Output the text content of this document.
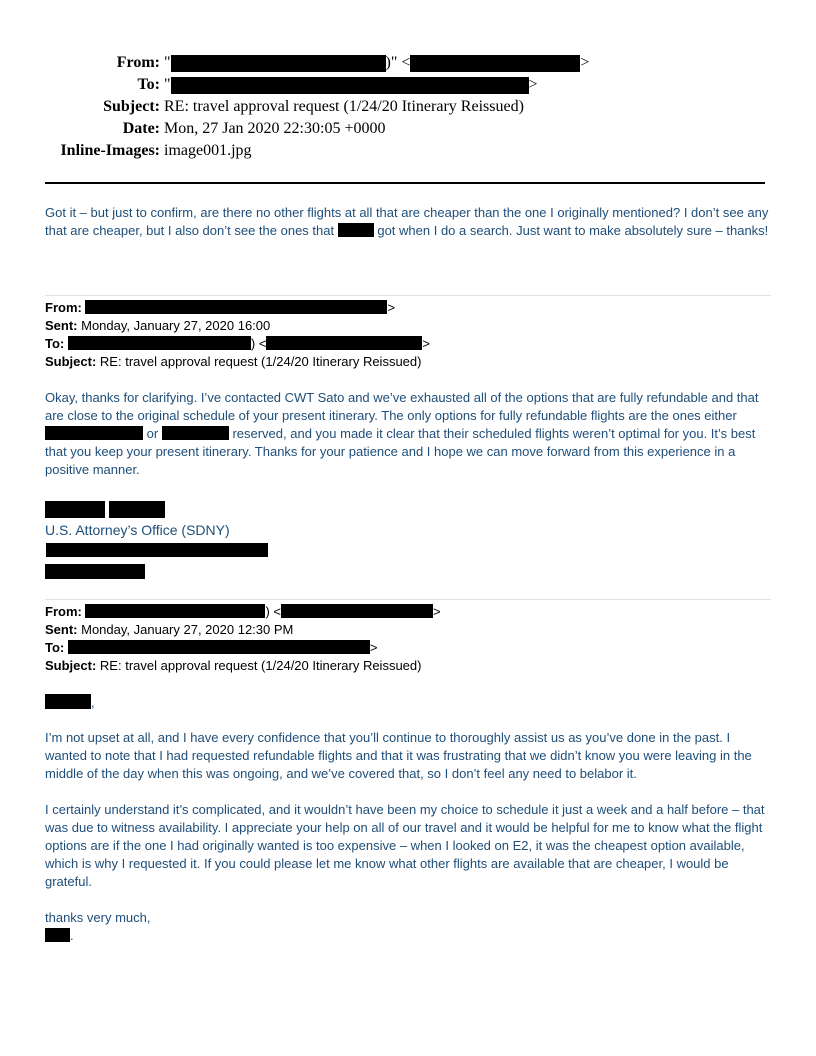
From: "	)" <	>
To: "	>
Subject: RE: travel approval request (1/24/20 Itinerary Reissued)
Date: Mon, 27 Jan 2020 22:30:05 +0000
Inline-Images: image001.jpg

Got it – but just to confirm, are there no other flights at all that are cheaper than the one I originally mentioned? I don’t see any that are cheaper, but I also don’t see the ones that	got when I do a search. Just want to make absolutely sure – thanks!

From:	>
Sent: Monday, January 27, 2020 16:00
To:	) <	>
Subject: RE: travel approval request (1/24/20 Itinerary Reissued)

Okay, thanks for clarifying. I’ve contacted CWT Sato and we’ve exhausted all of the options that are fully refundable and that are close to the original schedule of your present itinerary. The only options for fully refundable flights are the ones either  or	reserved, and you made it clear that their scheduled flights weren’t optimal for you. It’s best that you keep your present itinerary. Thanks for your patience and I hope we can move forward from this experience in a positive manner.

U.S. Attorney’s Office (SDNY)
From:	) <	>
Sent: Monday, January 27, 2020 12:30 PM
To:	>
Subject: RE: travel approval request (1/24/20 Itinerary Reissued)
,

I’m not upset at all, and I have every confidence that you’ll continue to thoroughly assist us as you’ve done in the past. I wanted to note that I had requested refundable flights and that it was frustrating that we didn’t know you were leaving in the middle of the day when this was ongoing, and we’ve covered that, so I don’t feel any need to belabor it.

I certainly understand it’s complicated, and it wouldn’t have been my choice to schedule it just a week and a half before – that was due to witness availability. I appreciate your help on all of our travel and it would be helpful for me to know what the flight options are if the one I had originally wanted is too expensive – when I looked on E2, it was the cheapest option available, which is why I requested it. If you could please let me know what other flights are available that are cheaper, I would be grateful.

thanks very much,
.
